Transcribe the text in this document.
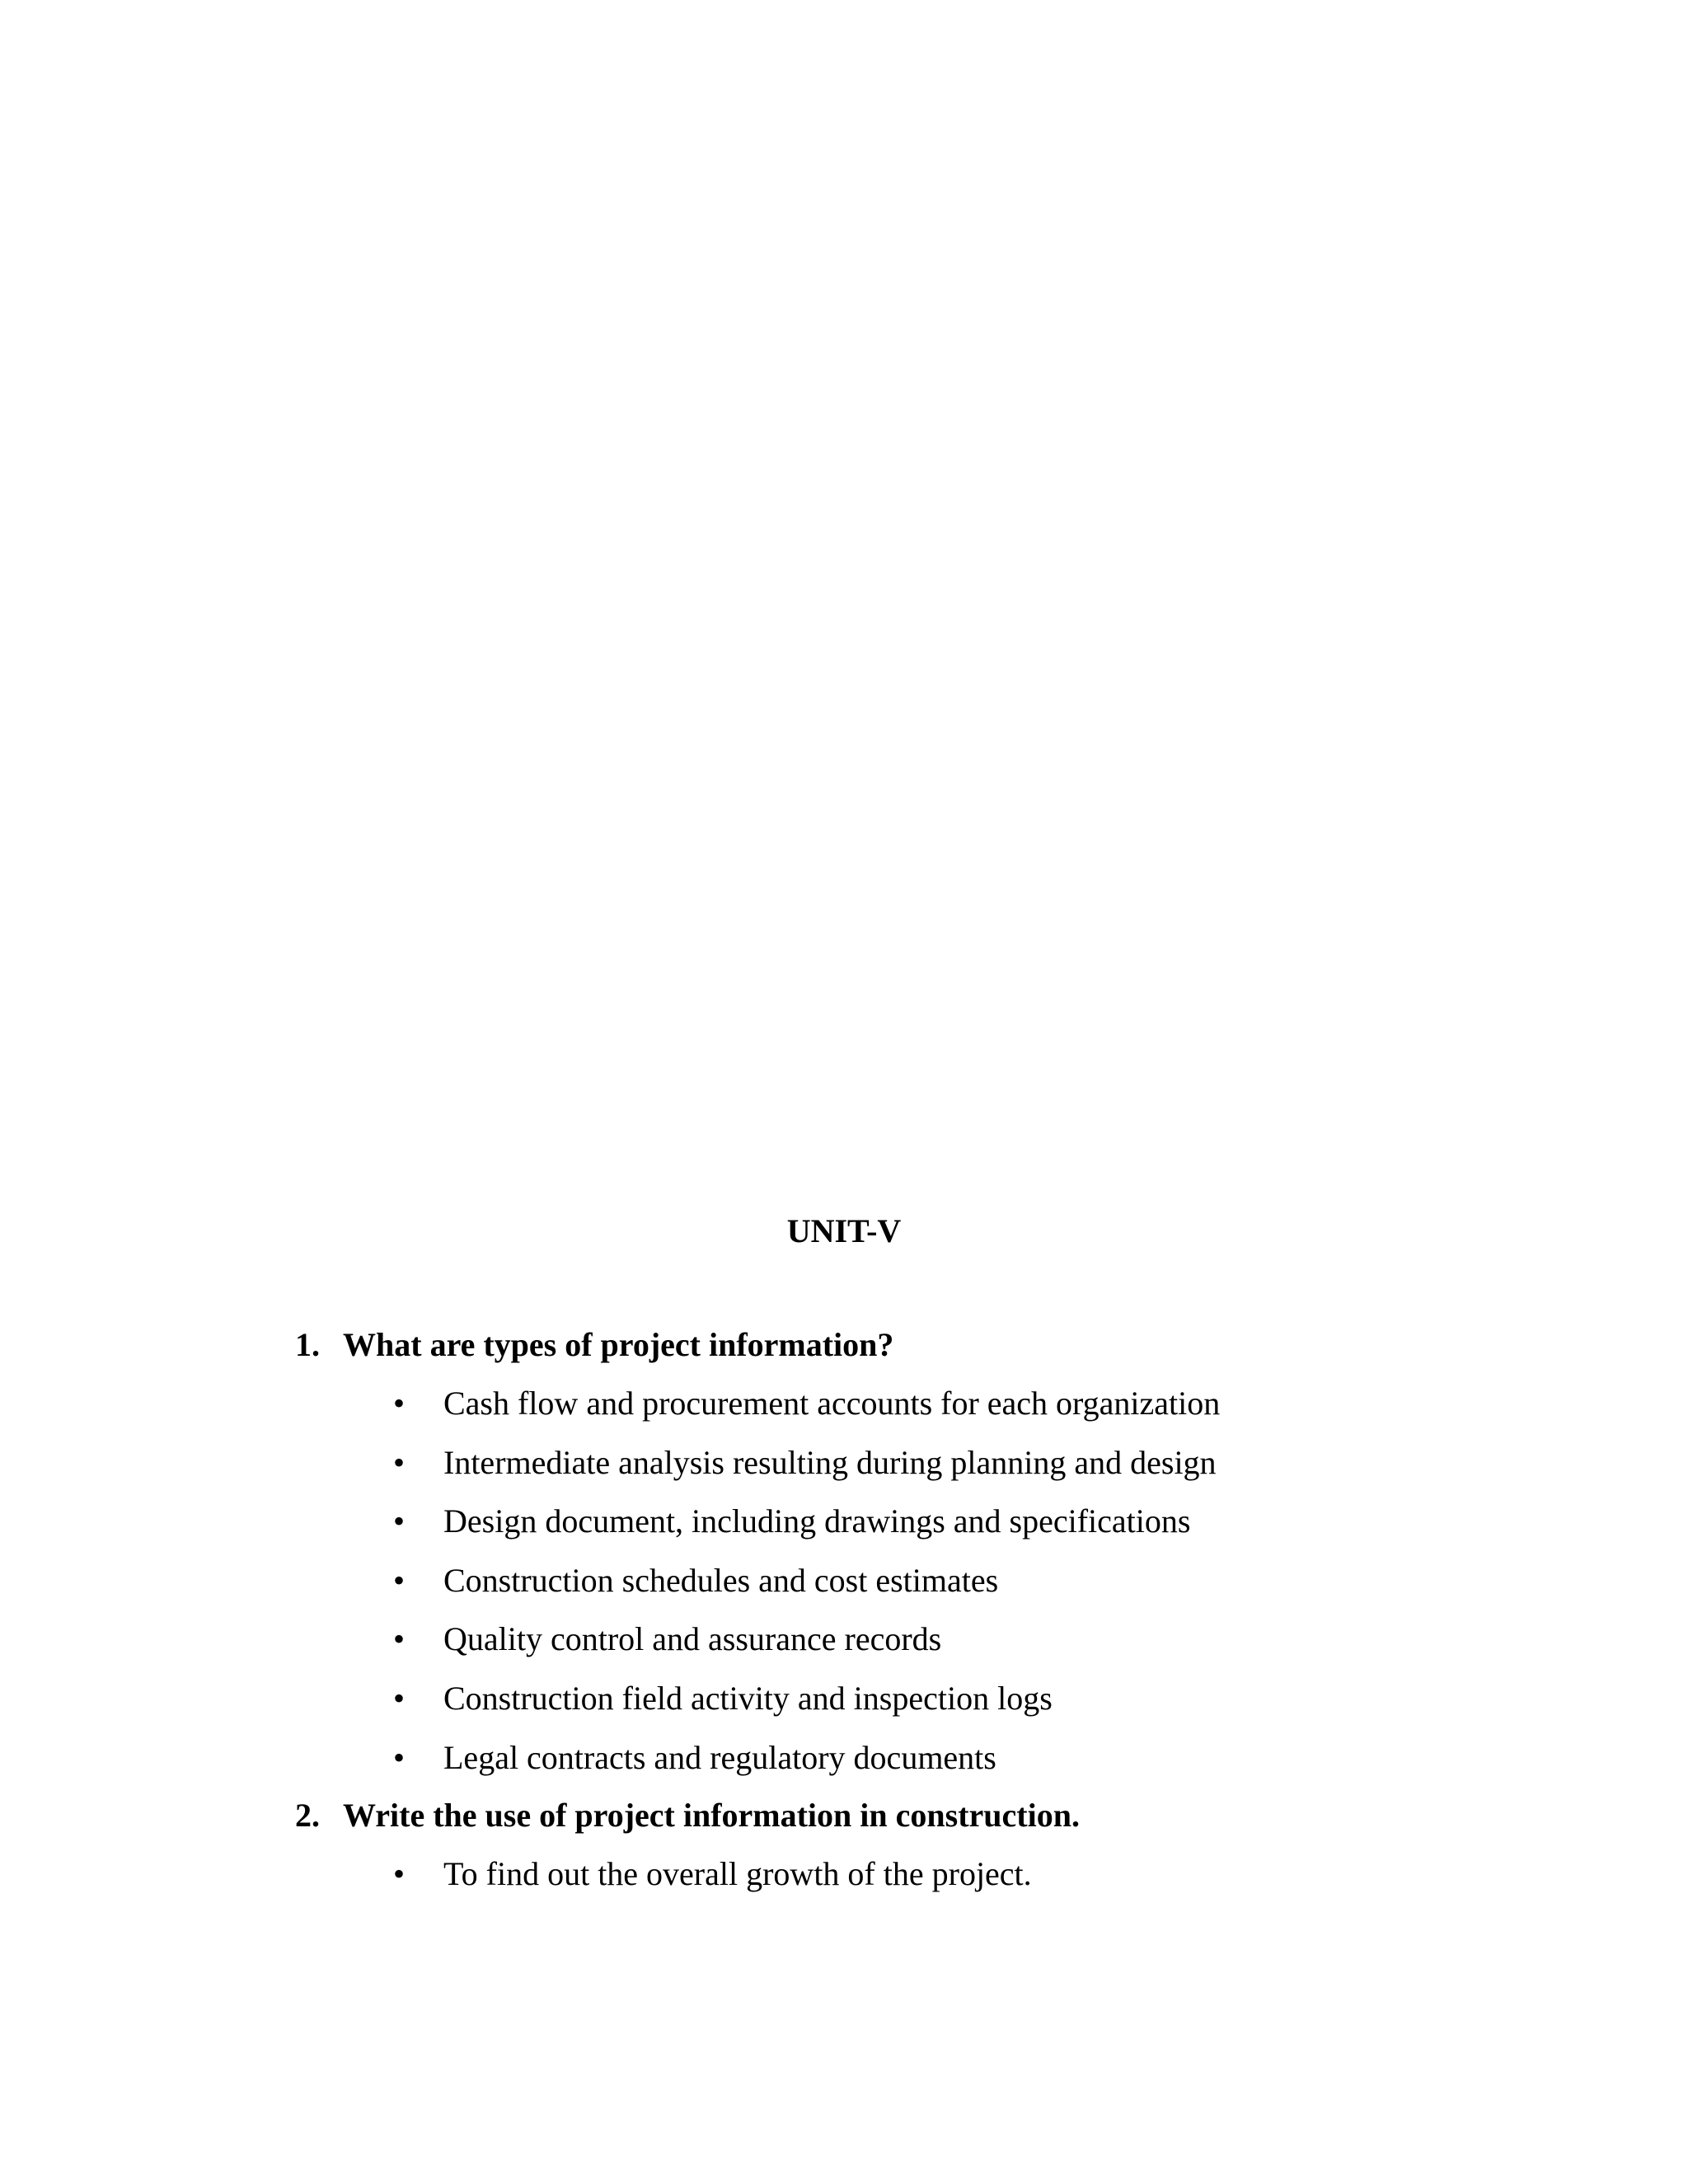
UNIT-V
1. What are types of project information?
• Cash flow and procurement accounts for each organization
• Intermediate analysis resulting during planning and design
• Design document, including drawings and specifications
• Construction schedules and cost estimates
• Quality control and assurance records
• Construction field activity and inspection logs
• Legal contracts and regulatory documents
2. Write the use of project information in construction.
• To find out the overall growth of the project.
